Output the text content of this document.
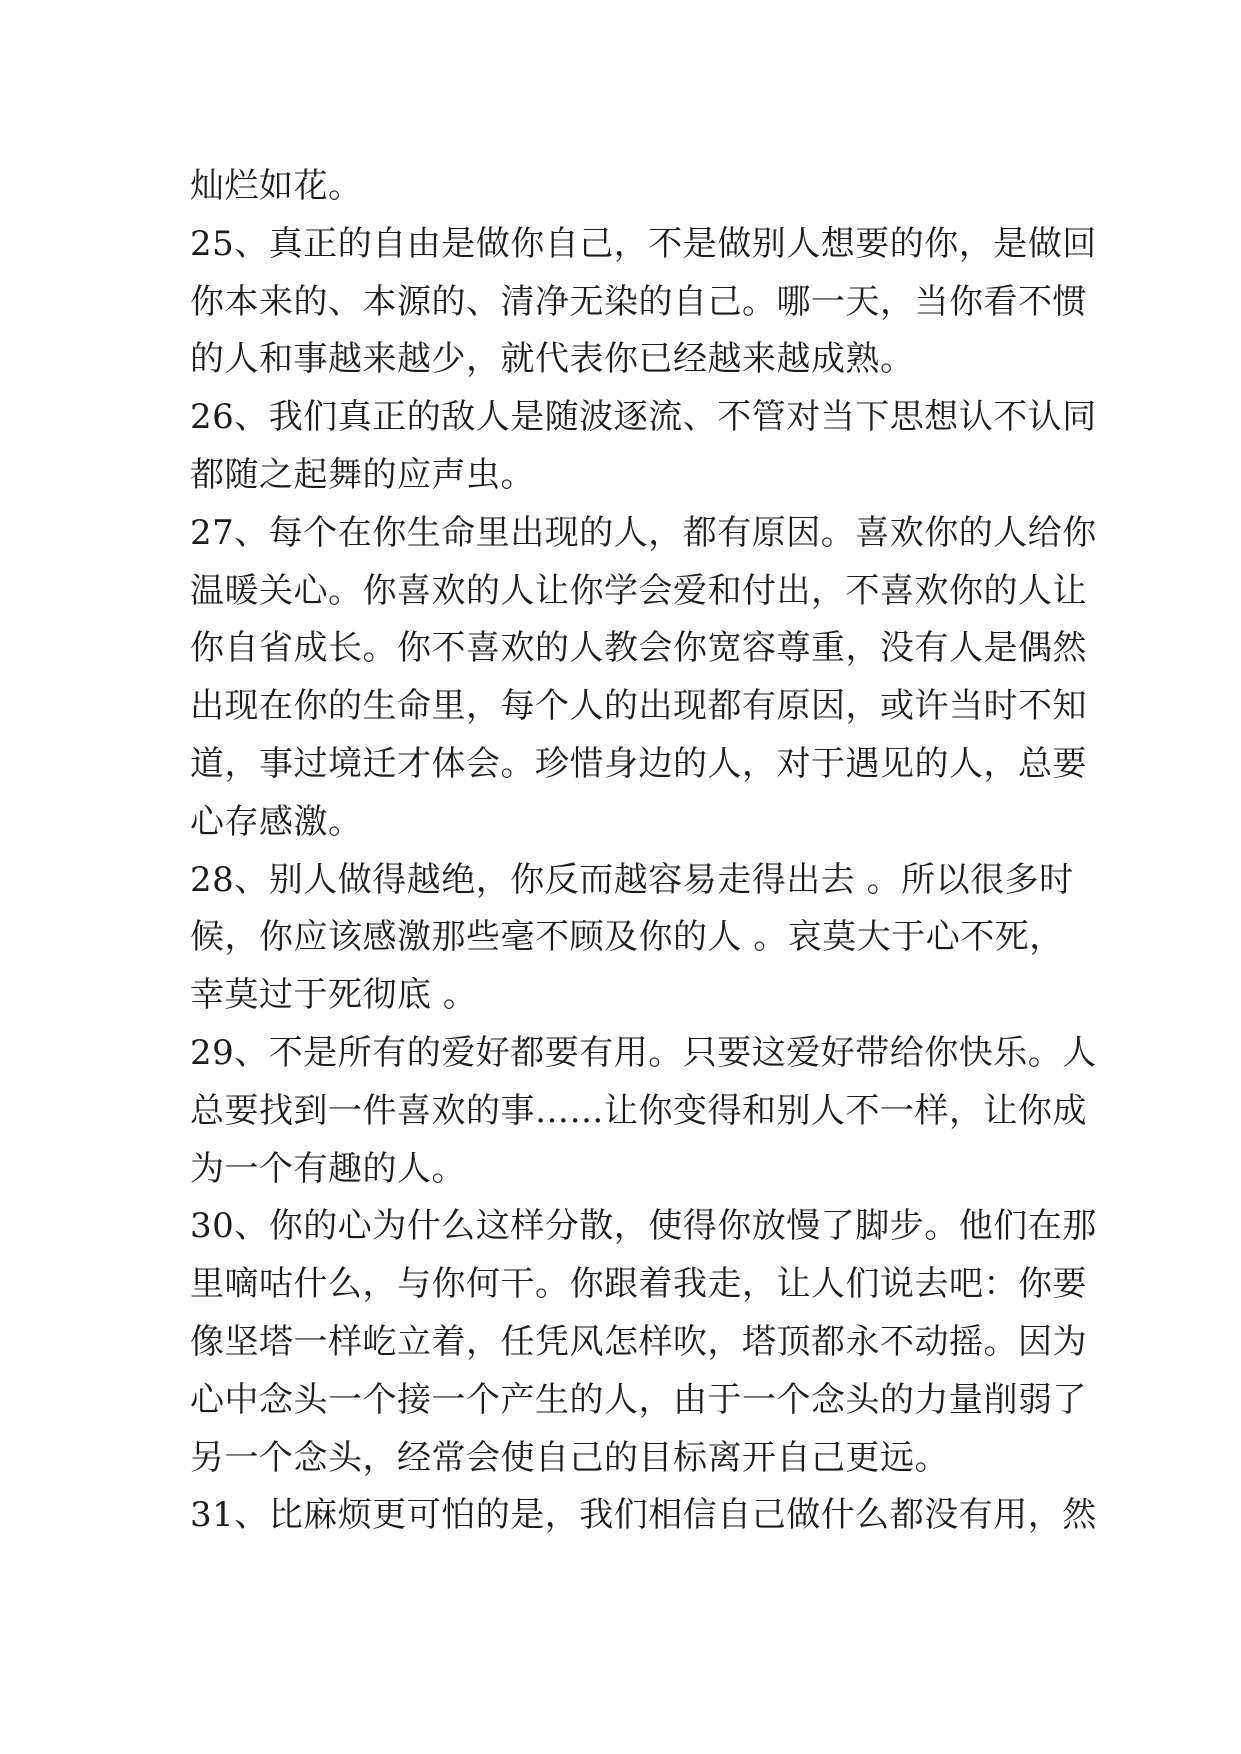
灿烂如花。
25、真正的自由是做你自己，不是做别人想要的你，是做回
你本来的、本源的、清净无染的自己。哪一天，当你看不惯
的人和事越来越少，就代表你已经越来越成熟。
26、我们真正的敌人是随波逐流、不管对当下思想认不认同
都随之起舞的应声虫。
27、每个在你生命里出现的人，都有原因。喜欢你的人给你
温暖关心。你喜欢的人让你学会爱和付出，不喜欢你的人让
你自省成长。你不喜欢的人教会你宽容尊重，没有人是偶然
出现在你的生命里，每个人的出现都有原因，或许当时不知
道，事过境迁才体会。珍惜身边的人，对于遇见的人，总要
心存感激。
28、别人做得越绝，你反而越容易走得出去 。所以很多时
候，你应该感激那些毫不顾及你的人 。哀莫大于心不死，
幸莫过于死彻底 。
29、不是所有的爱好都要有用。只要这爱好带给你快乐。人
总要找到一件喜欢的事……让你变得和别人不一样，让你成
为一个有趣的人。
30、你的心为什么这样分散，使得你放慢了脚步。他们在那
里嘀咕什么，与你何干。你跟着我走，让人们说去吧：你要
像坚塔一样屹立着，任凭风怎样吹，塔顶都永不动摇。因为
心中念头一个接一个产生的人，由于一个念头的力量削弱了
另一个念头，经常会使自己的目标离开自己更远。
31、比麻烦更可怕的是，我们相信自己做什么都没有用，然
